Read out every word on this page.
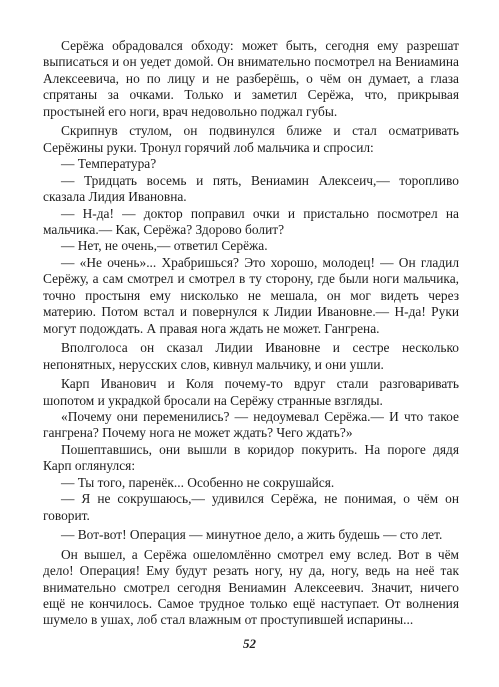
Серёжа обрадовался обходу: может быть, сегодня ему разрешат выписаться и он уедет домой. Он внимательно посмотрел на Вениамина Алексеевича, но по лицу и не разберёшь, о чём он думает, а глаза спрятаны за очками. Только и заметил Серёжа, что, прикрывая простыней его ноги, врач недовольно поджал губы.

Скрипнув стулом, он подвинулся ближе и стал осматривать Серёжины руки. Тронул горячий лоб мальчика и спросил:

— Температура?

— Тридцать восемь и пять, Вениамин Алексеич,— торопливо сказала Лидия Ивановна.

— Н-да! — доктор поправил очки и пристально посмотрел на мальчика.— Как, Серёжа? Здорово болит?

— Нет, не очень,— ответил Серёжа.

— «Не очень»... Храбришься? Это хорошо, молодец! — Он гладил Серёжу, а сам смотрел и смотрел в ту сторону, где были ноги мальчика, точно простыня ему нисколько не мешала, он мог видеть через материю. Потом встал и повернулся к Лидии Ивановне.— Н-да! Руки могут подождать. А правая нога ждать не может. Гангрена.

Вполголоса он сказал Лидии Ивановне и сестре несколько непонятных, нерусских слов, кивнул мальчику, и они ушли.

Карп Иванович и Коля почему-то вдруг стали разговаривать шопотом и украдкой бросали на Серёжу странные взгляды.

«Почему они переменились? — недоумевал Серёжа.— И что такое гангрена? Почему нога не может ждать? Чего ждать?»

Пошептавшись, они вышли в коридор покурить. На пороге дядя Карп оглянулся:

— Ты того, паренёк... Особенно не сокрушайся.

— Я не сокрушаюсь,— удивился Серёжа, не понимая, о чём он говорит.

— Вот-вот! Операция — минутное дело, а жить будешь — сто лет.

Он вышел, а Серёжа ошеломлённо смотрел ему вслед. Вот в чём дело! Операция! Ему будут резать ногу, ну да, ногу, ведь на неё так внимательно смотрел сегодня Вениамин Алексеевич. Значит, ничего ещё не кончилось. Самое трудное только ещё наступает. От волнения шумело в ушах, лоб стал влажным от проступившей испарины...

52
